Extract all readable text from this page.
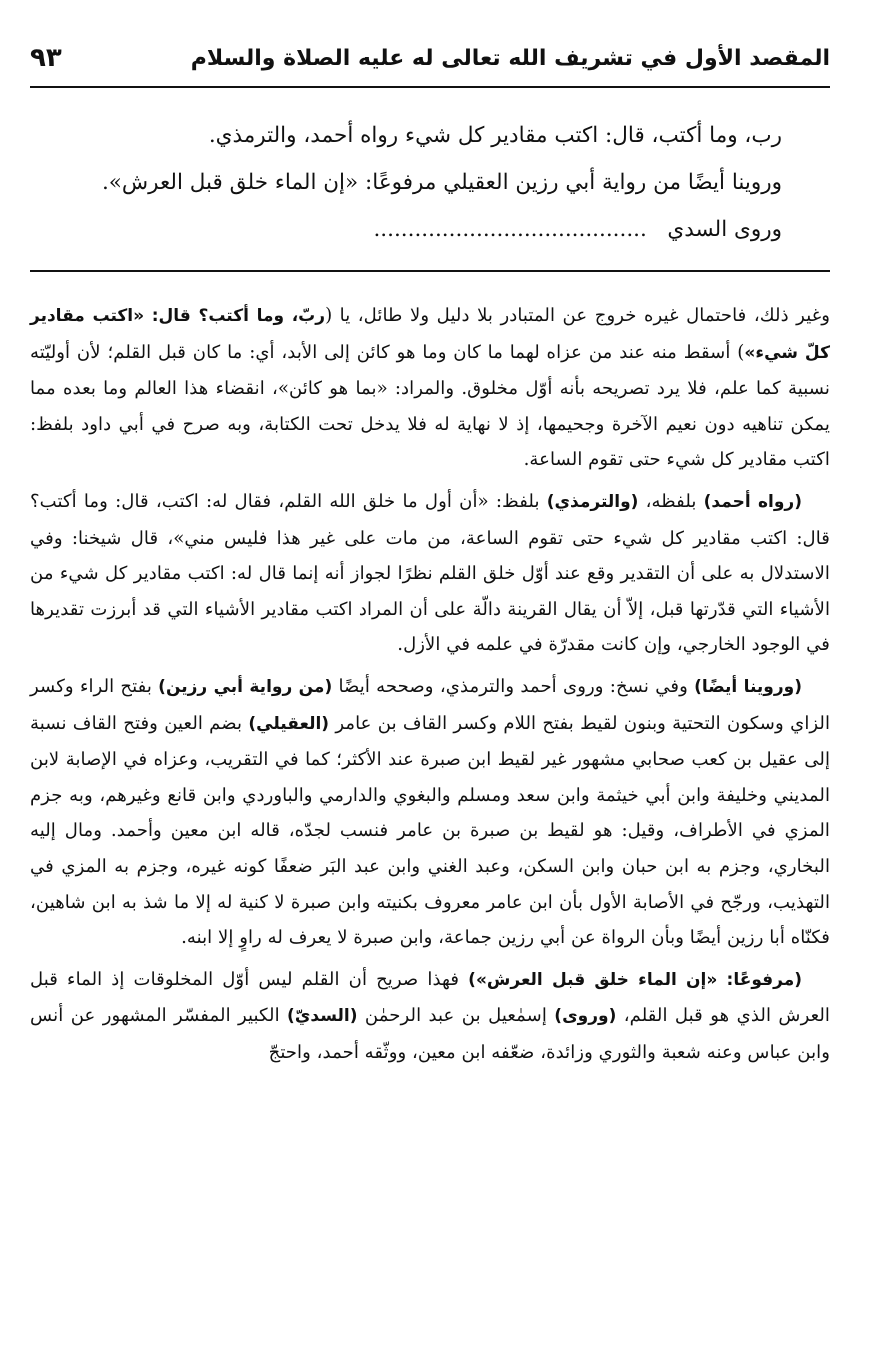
٩٣	المقصد الأول في تشريف الله تعالى له عليه الصلاة والسلام
رب، وما أكتب، قال: اكتب مقادير كل شيء رواه أحمد، والترمذي.
وروينا أيضًا من رواية أبي رزين العقيلي مرفوعًا: «إن الماء خلق قبل العرش».
وروى السدي   ........................................

وغير ذلك، فاحتمال غيره خروج عن المتبادر بلا دليل ولا طائل، يا (ربّ، وما أكتب؟ قال: «اكتب مقادير كلّ شيء») أسقط منه عند من عزاه لهما ما كان وما هو كائن إلى الأبد، أي: ما كان قبل القلم؛ لأن أوليّته نسبية كما علم، فلا يرد تصريحه بأنه أوّل مخلوق. والمراد: «بما هو كائن»، انقضاء هذا العالم وما بعده مما يمكن تناهيه دون نعيم الآخرة وجحيمها، إذ لا نهاية له فلا يدخل تحت الكتابة، وبه صرح في أبي داود بلفظ: اكتب مقادير كل شيء حتى تقوم الساعة.

(رواه أحمد) بلفظه، (والترمذي) بلفظ: «أن أول ما خلق الله القلم، فقال له: اكتب، قال: وما أكتب؟ قال: اكتب مقادير كل شيء حتى تقوم الساعة، من مات على غير هذا فليس مني»، قال شيخنا: وفي الاستدلال به على أن التقدير وقع عند أوّل خلق القلم نظرًا لجواز أنه إنما قال له: اكتب مقادير كل شيء من الأشياء التي قدّرتها قبل، إلاّ أن يقال القرينة دالّة على أن المراد اكتب مقادير الأشياء التي قد أبرزت تقديرها في الوجود الخارجي، وإن كانت مقدرّة في علمه في الأزل.

(وروينا أيضًا) وفي نسخ: وروى أحمد والترمذي، وصححه أيضًا (من رواية أبي رزين) بفتح الراء وكسر الزاي وسكون التحتية وبنون لقيط بفتح اللام وكسر القاف بن عامر (العقيلي) بضم العين وفتح القاف نسبة إلى عقيل بن كعب صحابي مشهور غير لقيط ابن صبرة عند الأكثر؛ كما في التقريب، وعزاه في الإصابة لابن المديني وخليفة وابن أبي خيثمة وابن سعد ومسلم والبغوي والدارمي والباوردي وابن قانع وغيرهم، وبه جزم المزي في الأطراف، وقيل: هو لقيط بن صبرة بن عامر فنسب لجدّه، قاله ابن معين وأحمد. ومال إليه البخاري، وجزم به ابن حبان وابن السكن، وعبد الغني وابن عبد البَر ضعفًا كونه غيره، وجزم به المزي في التهذيب، ورجّح في الأصابة الأول بأن ابن عامر معروف بكنيته وابن صبرة لا كنية له إلا ما شذ به ابن شاهين، فكنّاه أبا رزين أيضًا وبأن الرواة عن أبي رزين جماعة، وابن صبرة لا يعرف له راوٍ إلا ابنه.

(مرفوعًا: «إن الماء خلق قبل العرش») فهذا صريح أن القلم ليس أوّل المخلوقات إذ الماء قبل العرش الذي هو قبل القلم، (وروى) إسمٰعيل بن عبد الرحمٰن (السديّ) الكبير المفسّر المشهور عن أنس وابن عباس وعنه شعبة والثوري وزائدة، ضعّفه ابن معين، ووثّقه أحمد، واحتجّ
